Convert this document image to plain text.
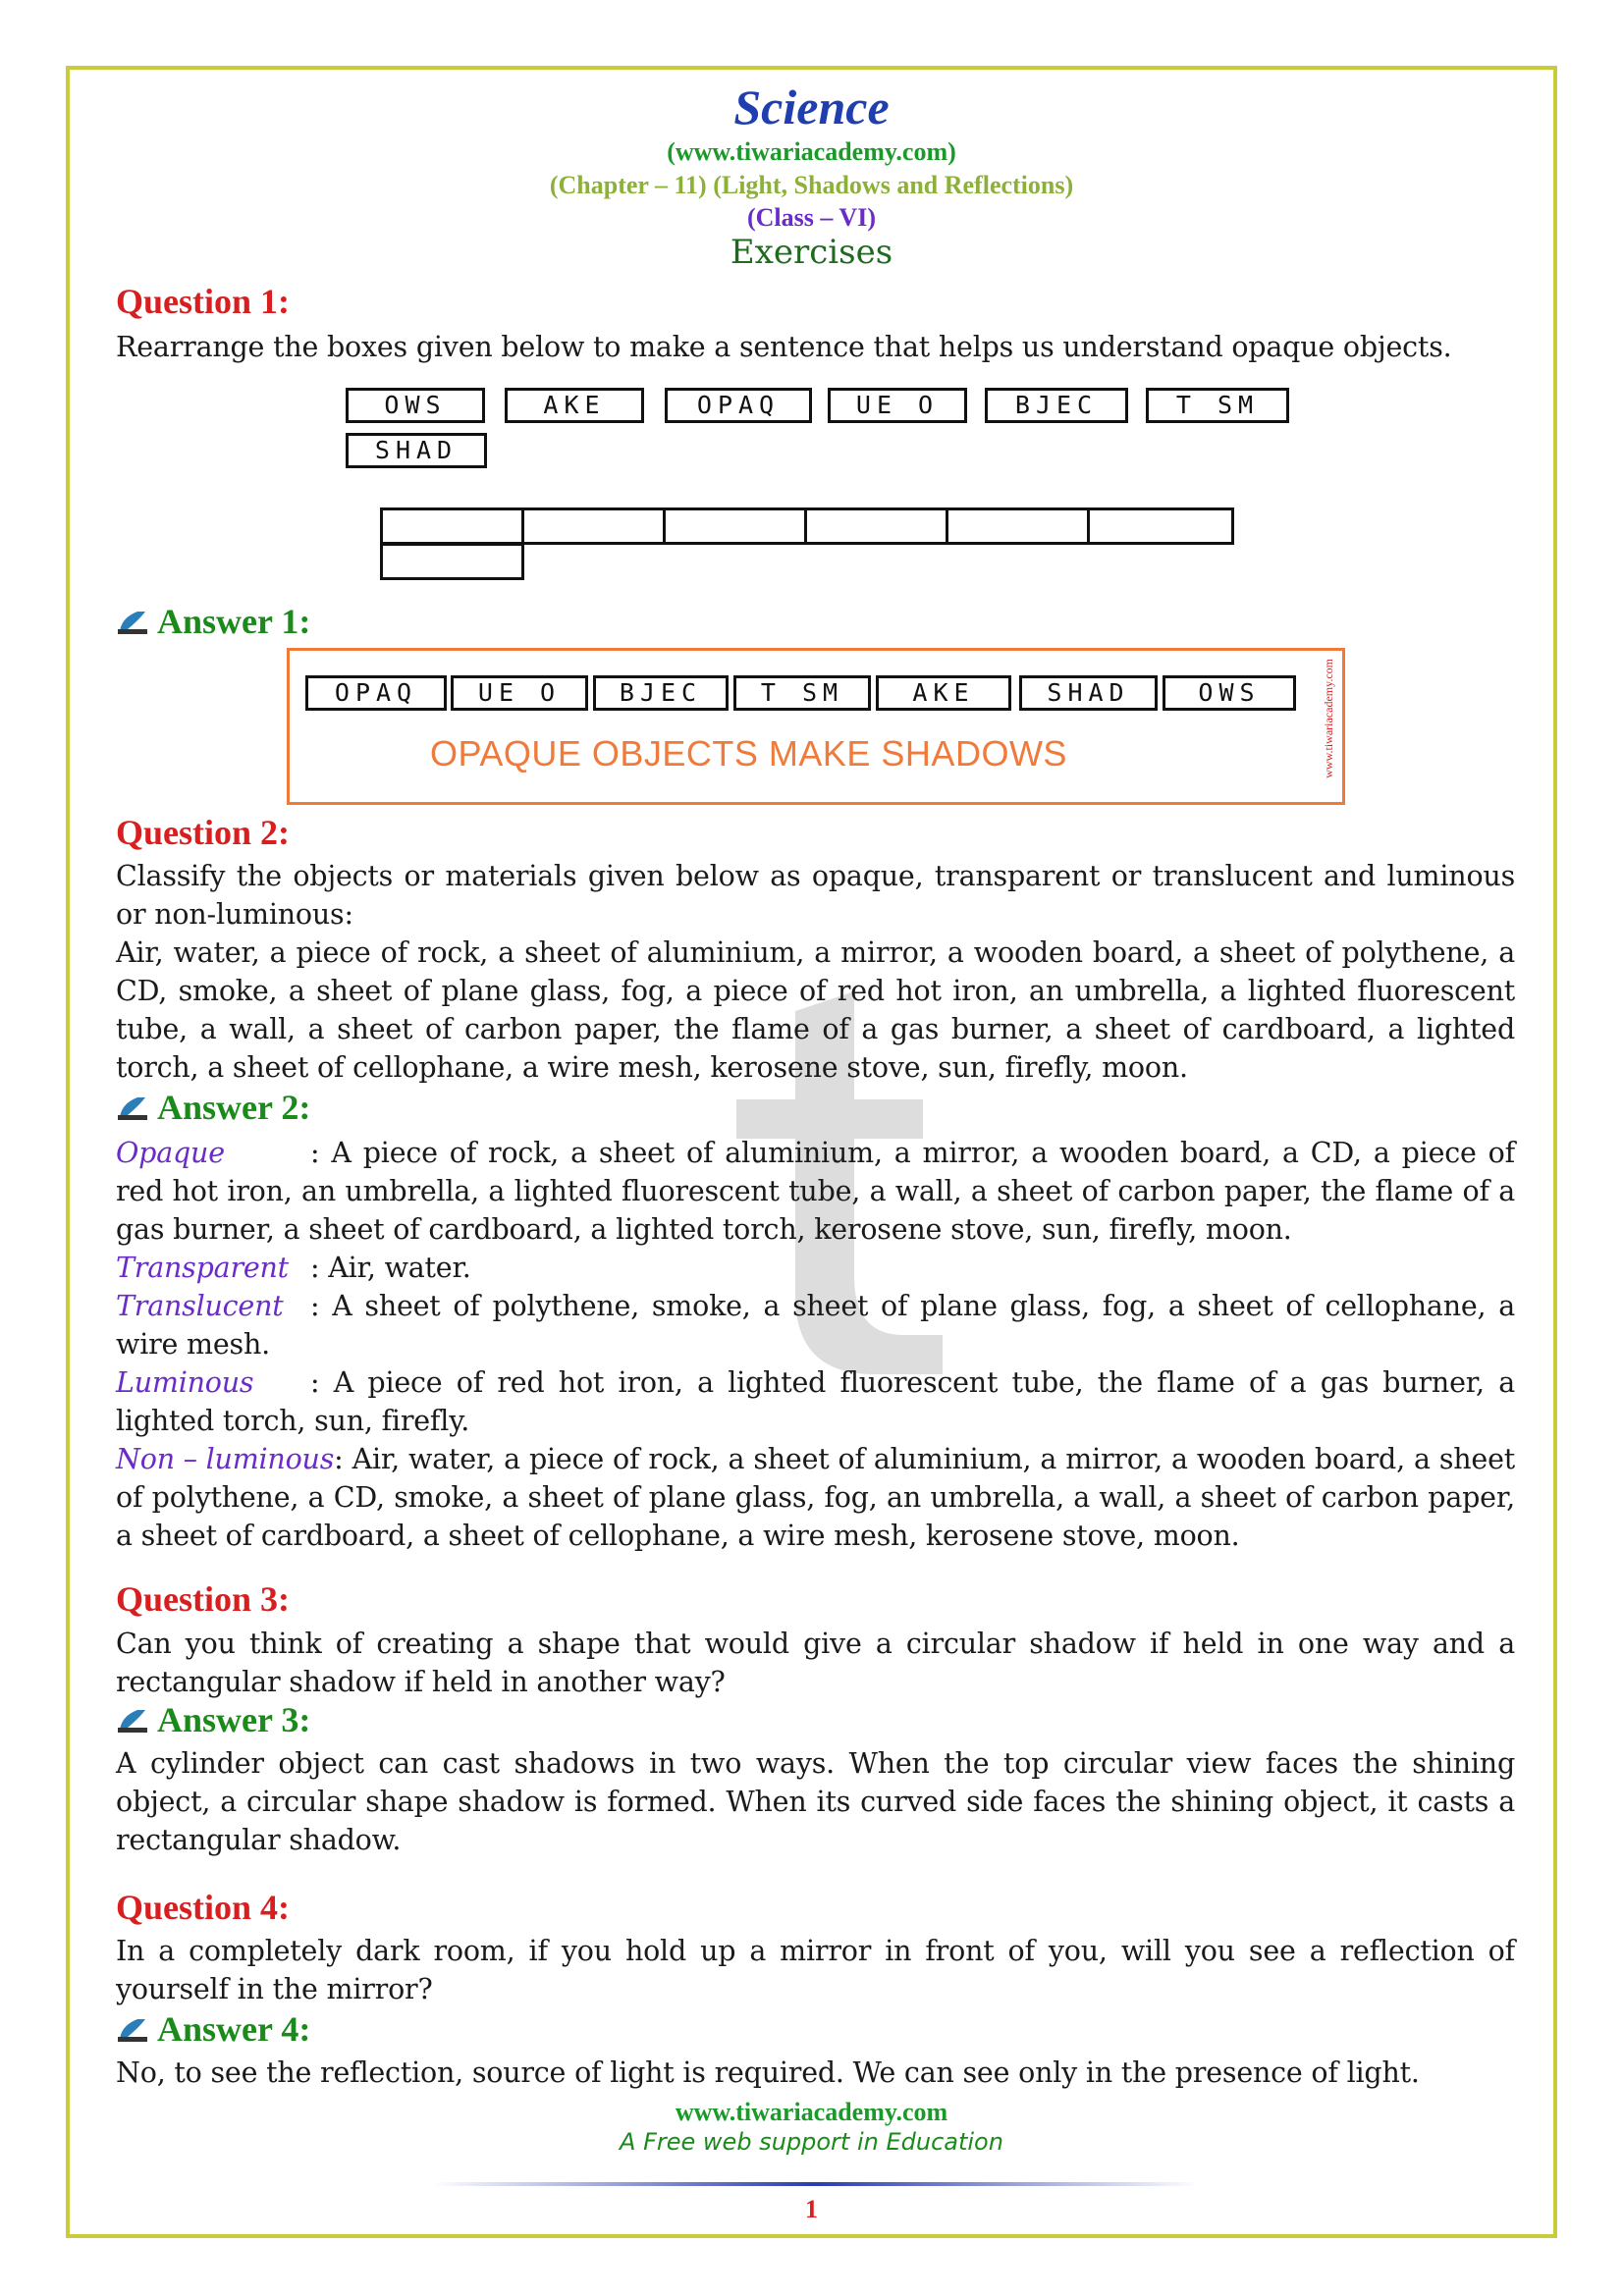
Science
(www.tiwariacademy.com)
(Chapter – 11) (Light, Shadows and Reflections)
(Class – VI)
Exercises
Question 1:
Rearrange the boxes given below to make a sentence that helps us understand opaque objects.
OWS	AKE	OPAQ	UE O	BJEC	T SM
SHAD
Answer 1:
www.tiwariacademy.com
OPAQUE OBJECTS MAKE SHADOWS
OPAQ	UE O	BJEC	T SM	AKE	SHAD	OWS
Question 2:
Classify the objects or materials given below as opaque, transparent or translucent and luminous or non-luminous:
Air, water, a piece of rock, a sheet of aluminium, a mirror, a wooden board, a sheet of polythene, a CD, smoke, a sheet of plane glass, fog, a piece of red hot iron, an umbrella, a lighted fluorescent tube, a wall, a sheet of carbon paper, the flame of a gas burner, a sheet of cardboard, a lighted torch, a sheet of cellophane, a wire mesh, kerosene stove, sun, firefly, moon.
Answer 2:
Opaque	: A piece of rock, a sheet of aluminium, a mirror, a wooden board, a CD, a piece of red hot iron, an umbrella, a lighted fluorescent tube, a wall, a sheet of carbon paper, the flame of a gas burner, a sheet of cardboard, a lighted torch, kerosene stove, sun, firefly, moon.
Transparent : Air, water.
Translucent : A sheet of polythene, smoke, a sheet of plane glass, fog, a sheet of cellophane, a wire mesh.
Luminous : A piece of red hot iron, a lighted fluorescent tube, the flame of a gas burner, a lighted torch, sun, firefly.
Non – luminous: Air, water, a piece of rock, a sheet of aluminium, a mirror, a wooden board, a sheet of polythene, a CD, smoke, a sheet of plane glass, fog, an umbrella, a wall, a sheet of carbon paper, a sheet of cardboard, a sheet of cellophane, a wire mesh, kerosene stove, moon.
Question 3:
Can you think of creating a shape that would give a circular shadow if held in one way and a rectangular shadow if held in another way?
Answer 3:
A cylinder object can cast shadows in two ways. When the top circular view faces the shining object, a circular shape shadow is formed. When its curved side faces the shining object, it casts a rectangular shadow.
Question 4:
In a completely dark room, if you hold up a mirror in front of you, will you see a reflection of yourself in the mirror?
Answer 4:
No, to see the reflection, source of light is required. We can see only in the presence of light.
www.tiwariacademy.com
A Free web support in Education
1
